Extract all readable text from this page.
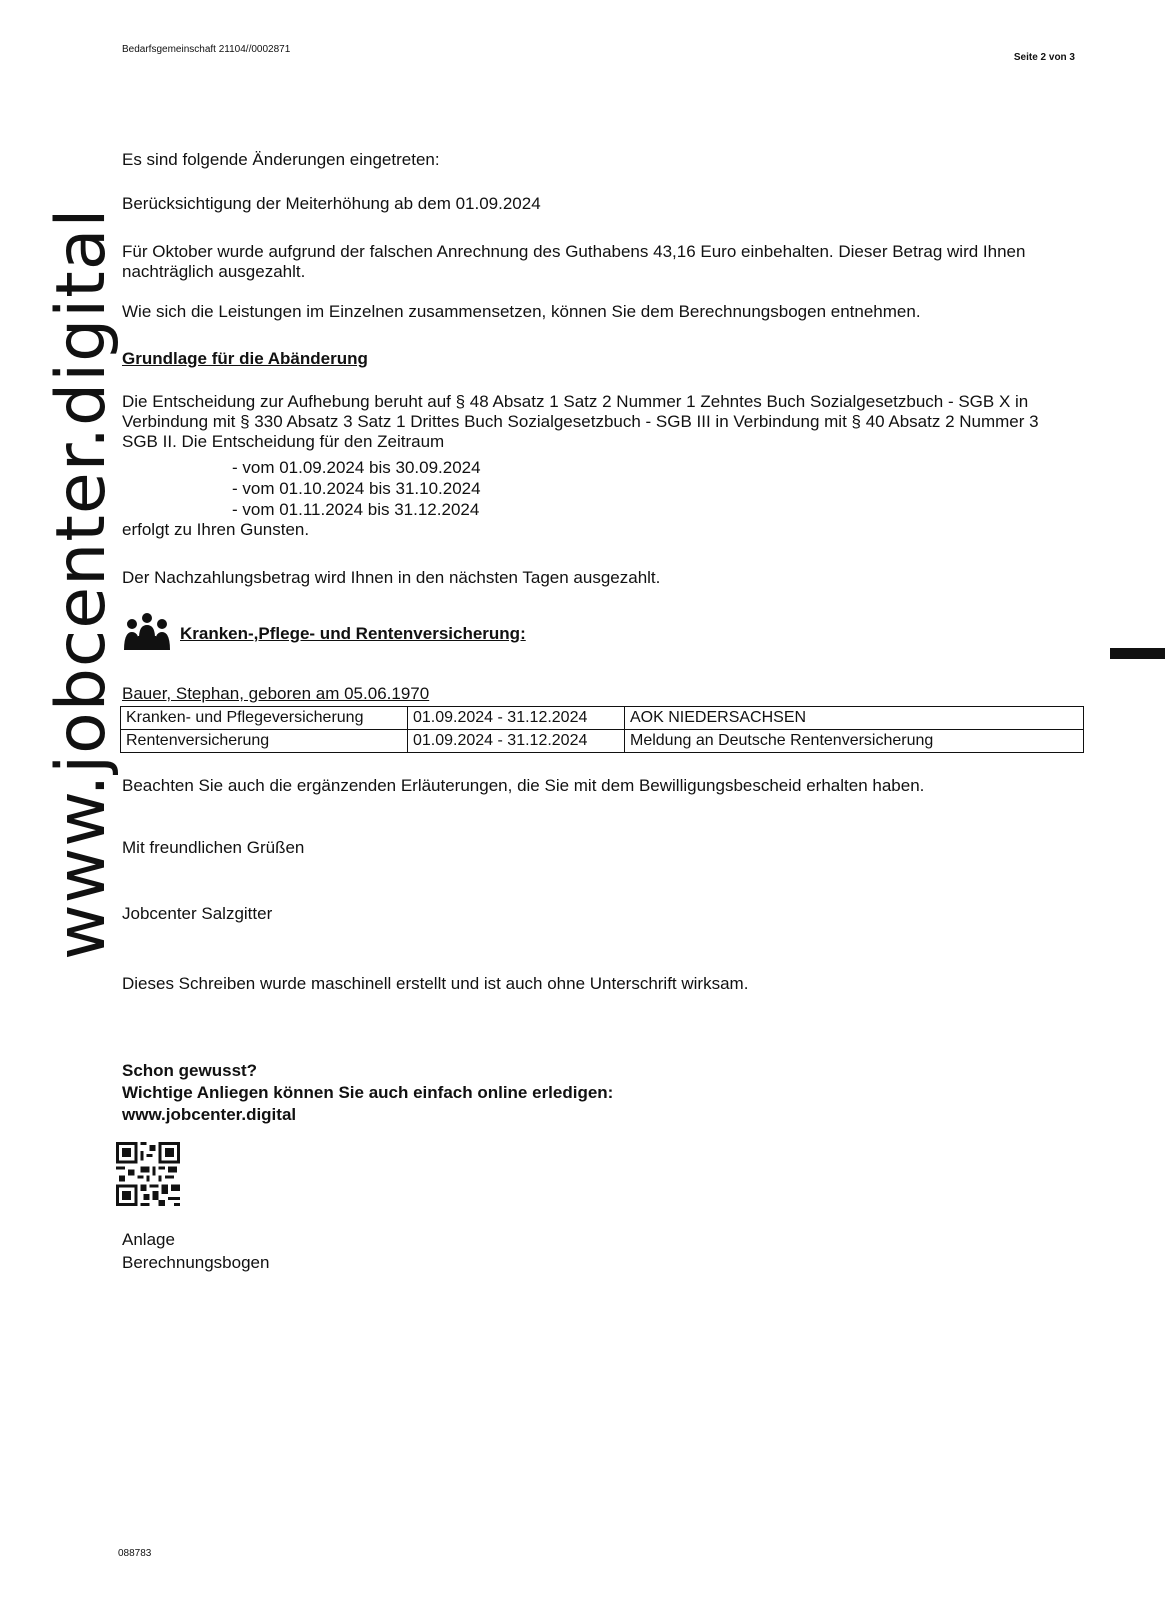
Bedarfsgemeinschaft 21104//0002871
Seite 2 von 3
www.jobcenter.digital
Es sind folgende Änderungen eingetreten:
Berücksichtigung der Meiterhöhung ab dem 01.09.2024
Für Oktober wurde aufgrund der falschen Anrechnung des Guthabens 43,16 Euro einbehalten. Dieser Betrag wird Ihnen nachträglich ausgezahlt.
Wie sich die Leistungen im Einzelnen zusammensetzen, können Sie dem Berechnungsbogen entnehmen.
Grundlage für die Abänderung
Die Entscheidung zur Aufhebung beruht auf § 48 Absatz 1 Satz 2 Nummer 1 Zehntes Buch Sozialgesetzbuch - SGB X in Verbindung mit § 330 Absatz 3 Satz 1 Drittes Buch Sozialgesetzbuch - SGB III in Verbindung mit § 40 Absatz 2 Nummer 3 SGB II. Die Entscheidung für den Zeitraum
- vom 01.09.2024 bis 30.09.2024
- vom 01.10.2024 bis 31.10.2024
- vom 01.11.2024 bis 31.12.2024
erfolgt zu Ihren Gunsten.
Der Nachzahlungsbetrag wird Ihnen in den nächsten Tagen ausgezahlt.
Kranken-,Pflege- und Rentenversicherung:
Bauer, Stephan, geboren am 05.06.1970
Kranken- und Pflegeversicherung	01.09.2024 - 31.12.2024	AOK NIEDERSACHSEN
Rentenversicherung	01.09.2024 - 31.12.2024	Meldung an Deutsche Rentenversicherung
Beachten Sie auch die ergänzenden Erläuterungen, die Sie mit dem Bewilligungsbescheid erhalten haben.
Mit freundlichen Grüßen
Jobcenter Salzgitter
Dieses Schreiben wurde maschinell erstellt und ist auch ohne Unterschrift wirksam.
Schon gewusst?
Wichtige Anliegen können Sie auch einfach online erledigen:
www.jobcenter.digital
Anlage
Berechnungsbogen
088783
